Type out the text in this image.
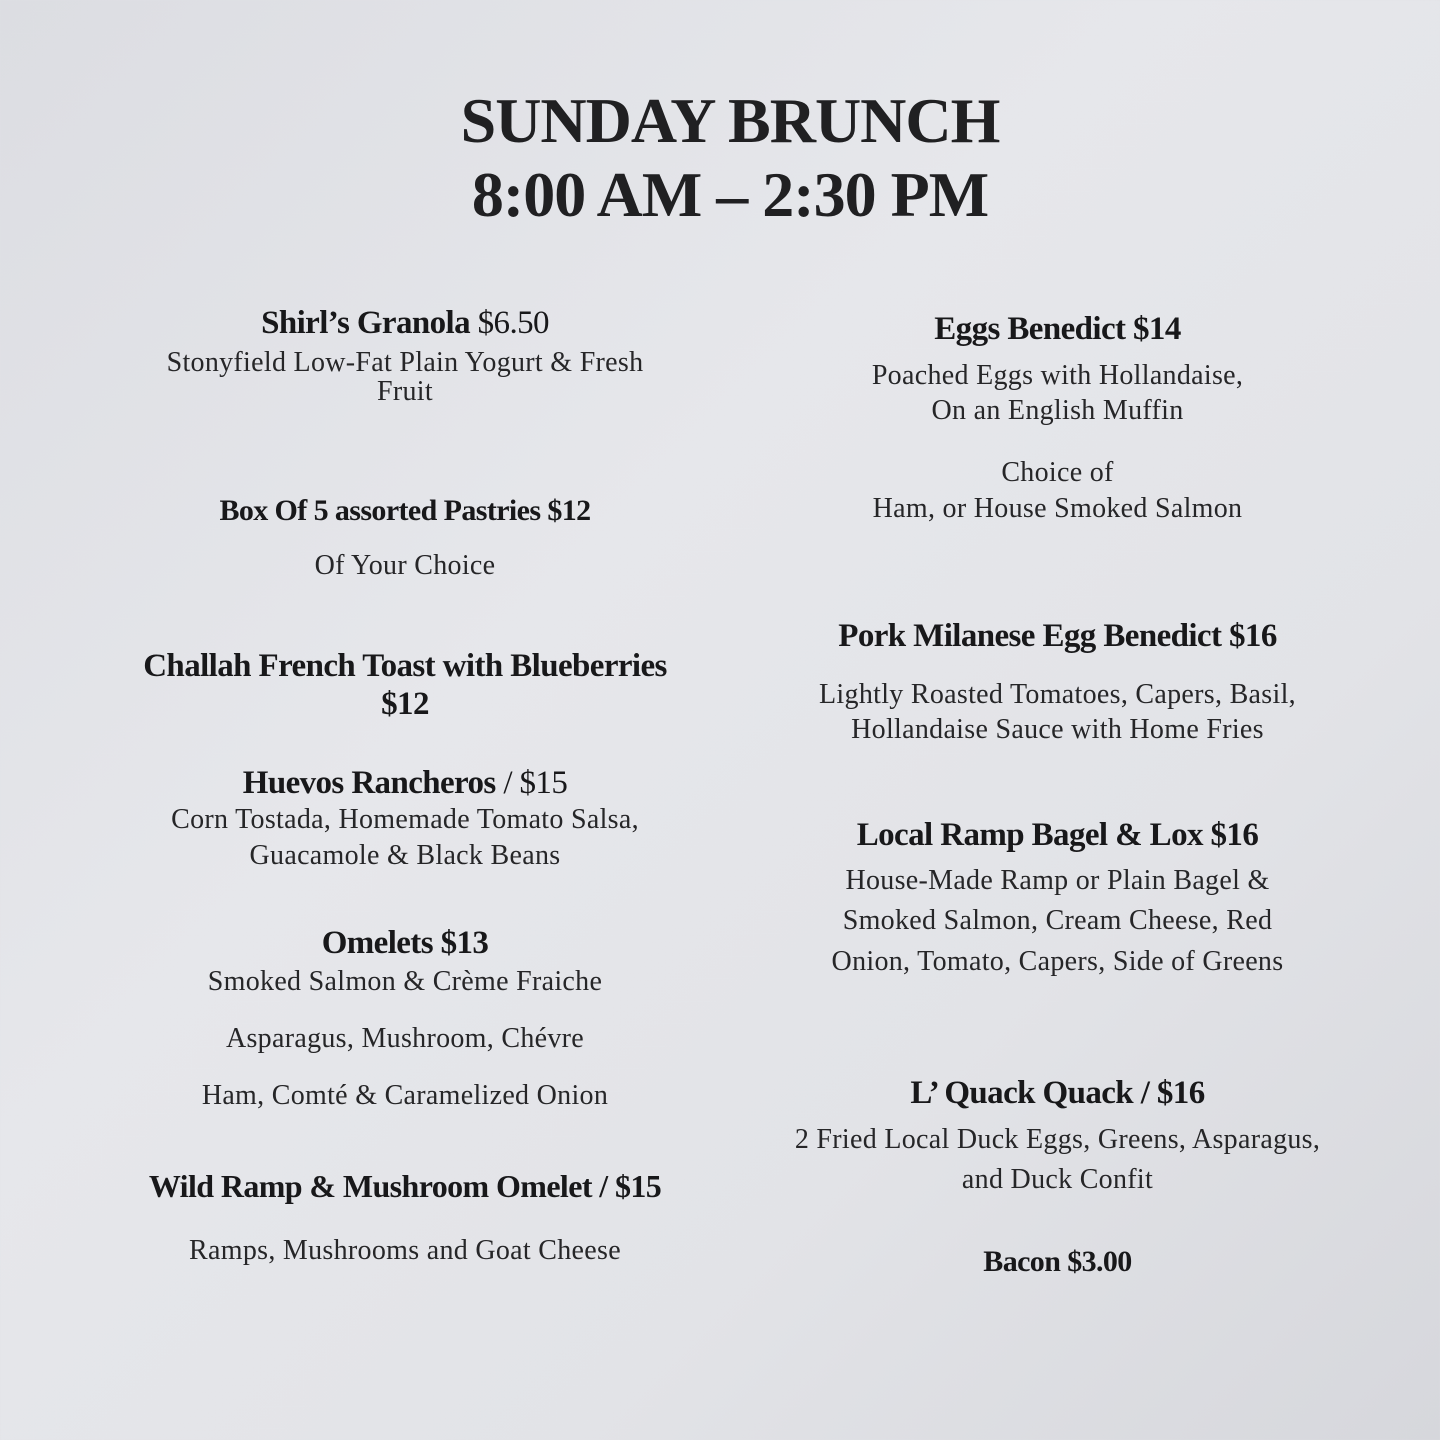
SUNDAY BRUNCH
8:00 AM – 2:30 PM
Shirl’s Granola $6.50
Stonyfield Low-Fat Plain Yogurt & Fresh
Fruit
Box Of 5 assorted Pastries $12
Of Your Choice
Challah French Toast with Blueberries
$12
Huevos Rancheros / $15
Corn Tostada, Homemade Tomato Salsa,
Guacamole & Black Beans
Omelets $13
Smoked Salmon & Crème Fraiche
Asparagus, Mushroom, Chévre
Ham, Comté & Caramelized Onion
Wild Ramp & Mushroom Omelet / $15
Ramps, Mushrooms and Goat Cheese
Eggs Benedict $14
Poached Eggs with Hollandaise,
On an English Muffin
Choice of
Ham, or House Smoked Salmon
Pork Milanese Egg Benedict $16
Lightly Roasted Tomatoes, Capers, Basil,
Hollandaise Sauce with Home Fries
Local Ramp Bagel & Lox $16
House-Made Ramp or Plain Bagel &
Smoked Salmon, Cream Cheese, Red
Onion, Tomato, Capers, Side of Greens
L’ Quack Quack / $16
2 Fried Local Duck Eggs, Greens, Asparagus,
and Duck Confit
Bacon $3.00
